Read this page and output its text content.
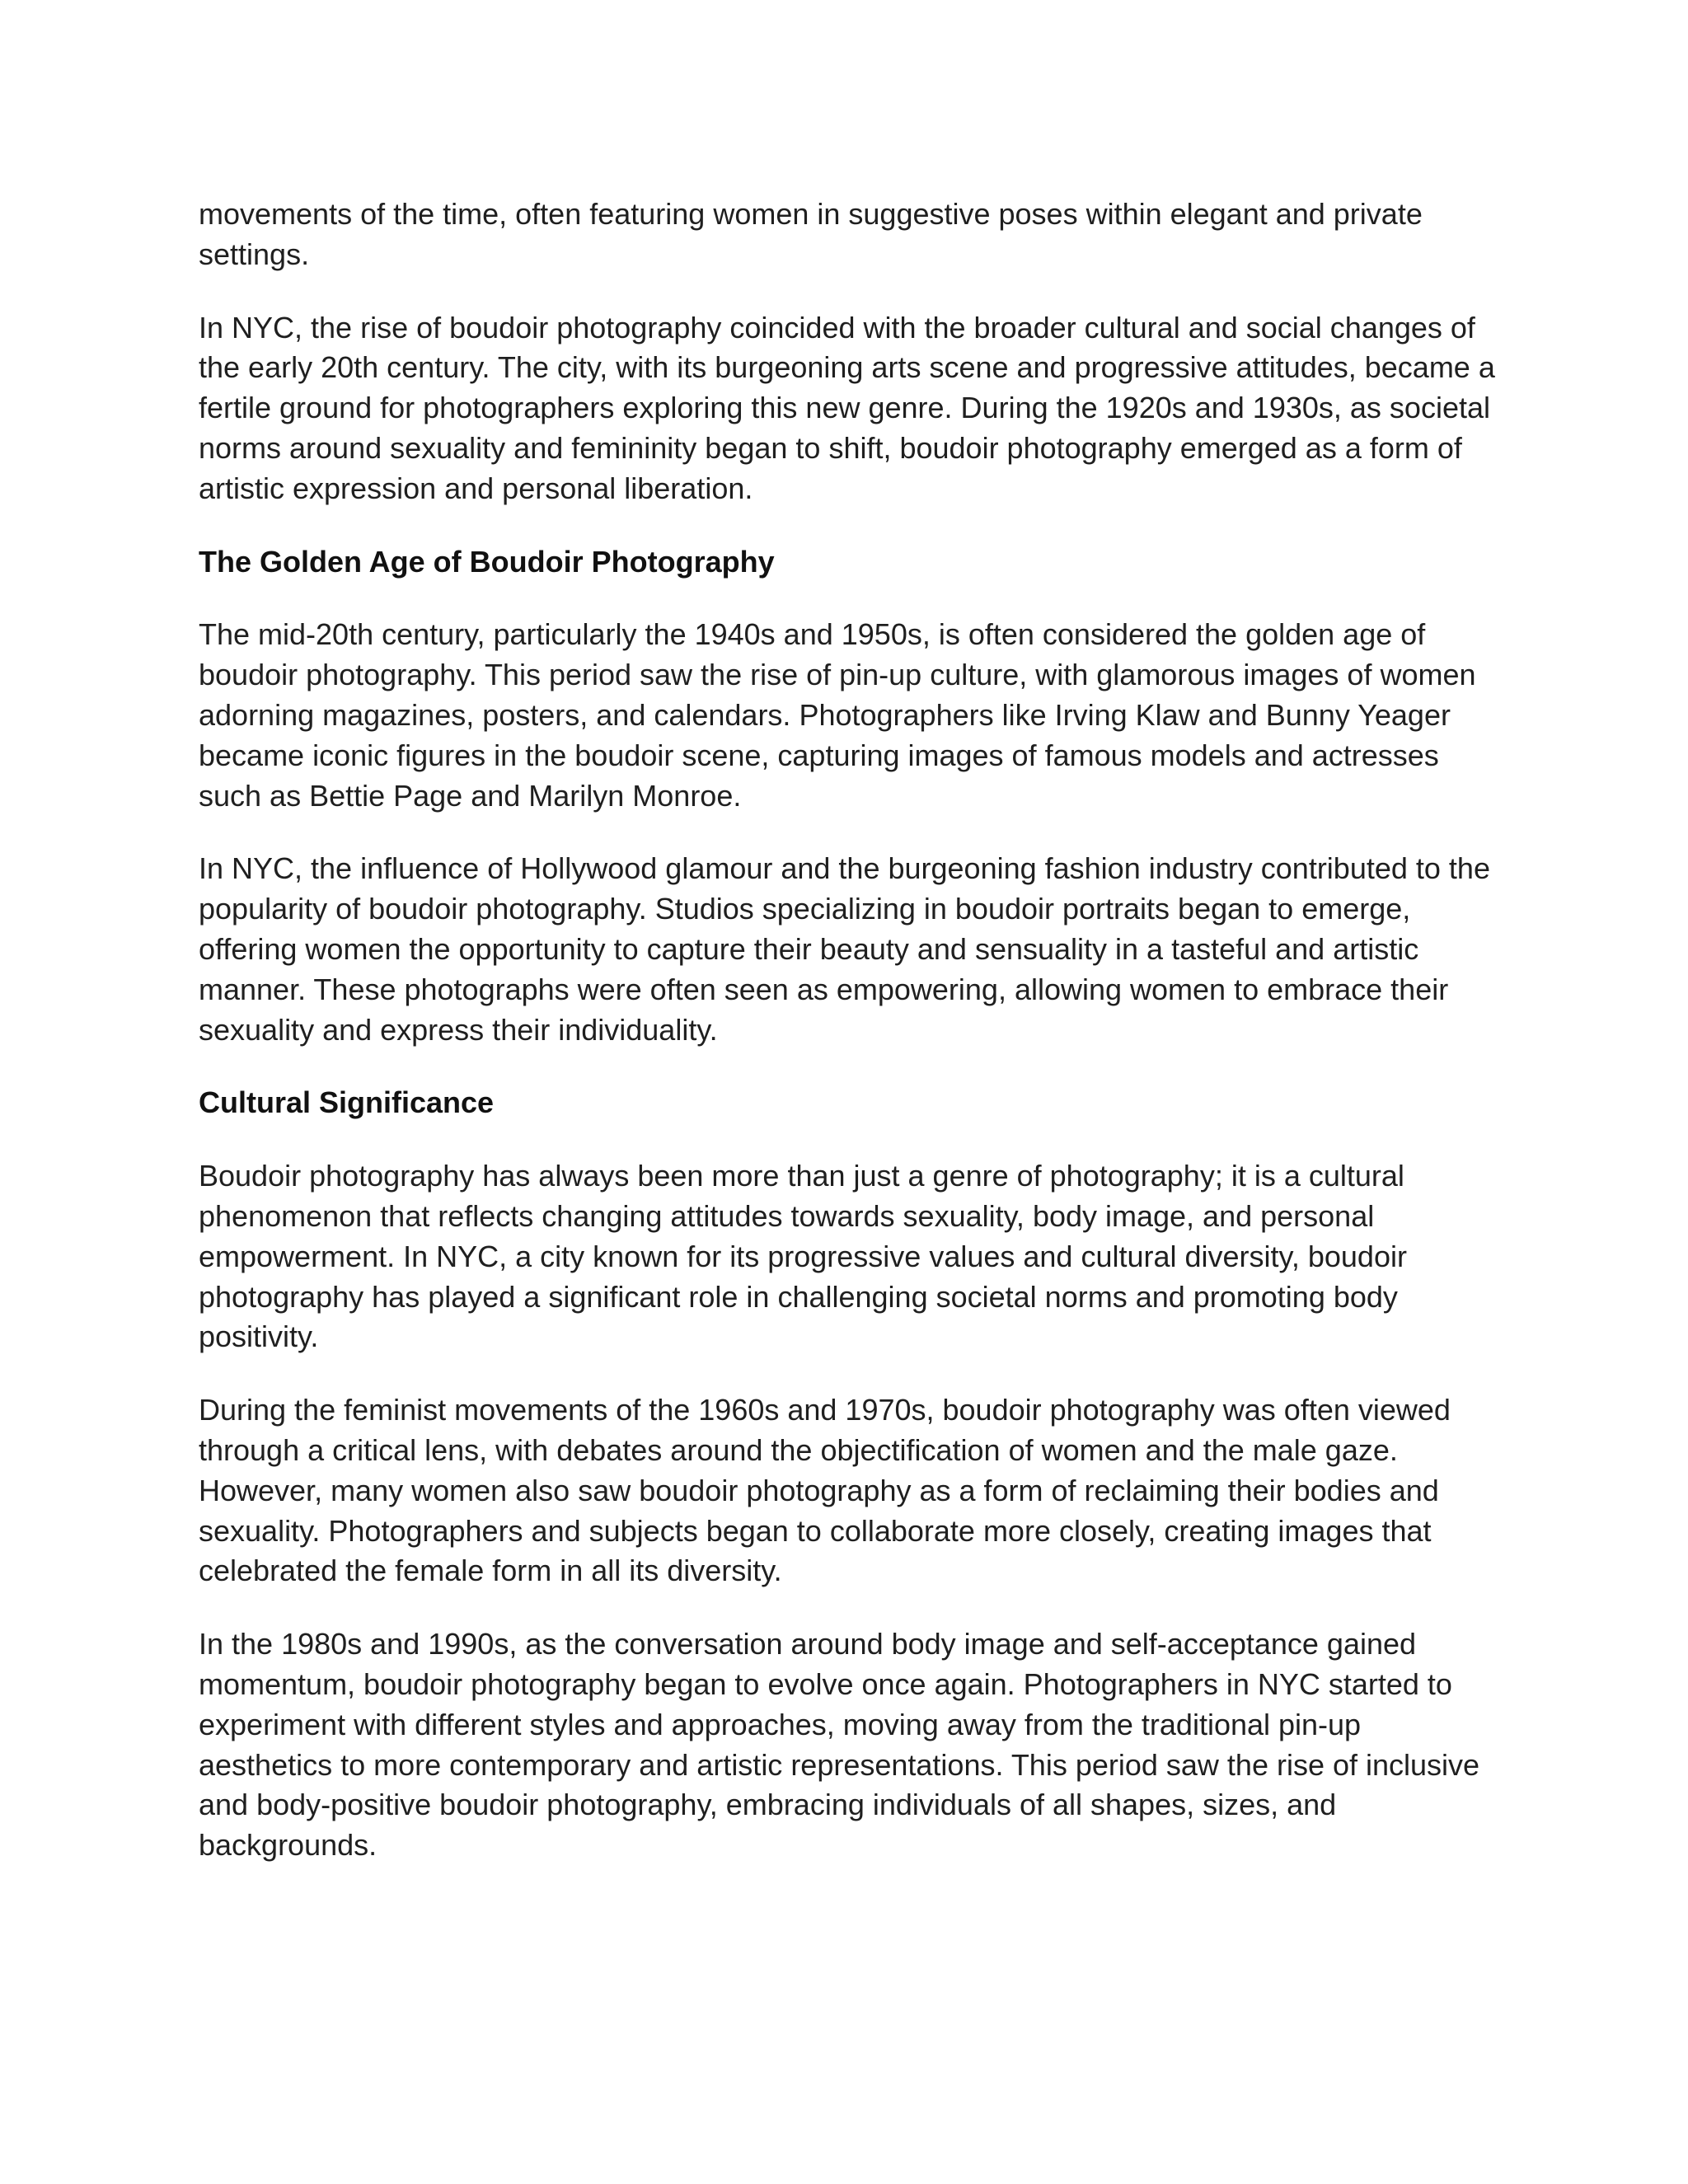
movements of the time, often featuring women in suggestive poses within elegant and private settings.

In NYC, the rise of boudoir photography coincided with the broader cultural and social changes of the early 20th century. The city, with its burgeoning arts scene and progressive attitudes, became a fertile ground for photographers exploring this new genre. During the 1920s and 1930s, as societal norms around sexuality and femininity began to shift, boudoir photography emerged as a form of artistic expression and personal liberation.

The Golden Age of Boudoir Photography

The mid-20th century, particularly the 1940s and 1950s, is often considered the golden age of boudoir photography. This period saw the rise of pin-up culture, with glamorous images of women adorning magazines, posters, and calendars. Photographers like Irving Klaw and Bunny Yeager became iconic figures in the boudoir scene, capturing images of famous models and actresses such as Bettie Page and Marilyn Monroe.

In NYC, the influence of Hollywood glamour and the burgeoning fashion industry contributed to the popularity of boudoir photography. Studios specializing in boudoir portraits began to emerge, offering women the opportunity to capture their beauty and sensuality in a tasteful and artistic manner. These photographs were often seen as empowering, allowing women to embrace their sexuality and express their individuality.

Cultural Significance

Boudoir photography has always been more than just a genre of photography; it is a cultural phenomenon that reflects changing attitudes towards sexuality, body image, and personal empowerment. In NYC, a city known for its progressive values and cultural diversity, boudoir photography has played a significant role in challenging societal norms and promoting body positivity.

During the feminist movements of the 1960s and 1970s, boudoir photography was often viewed through a critical lens, with debates around the objectification of women and the male gaze. However, many women also saw boudoir photography as a form of reclaiming their bodies and sexuality. Photographers and subjects began to collaborate more closely, creating images that celebrated the female form in all its diversity.

In the 1980s and 1990s, as the conversation around body image and self-acceptance gained momentum, boudoir photography began to evolve once again. Photographers in NYC started to experiment with different styles and approaches, moving away from the traditional pin-up aesthetics to more contemporary and artistic representations. This period saw the rise of inclusive and body-positive boudoir photography, embracing individuals of all shapes, sizes, and backgrounds.
